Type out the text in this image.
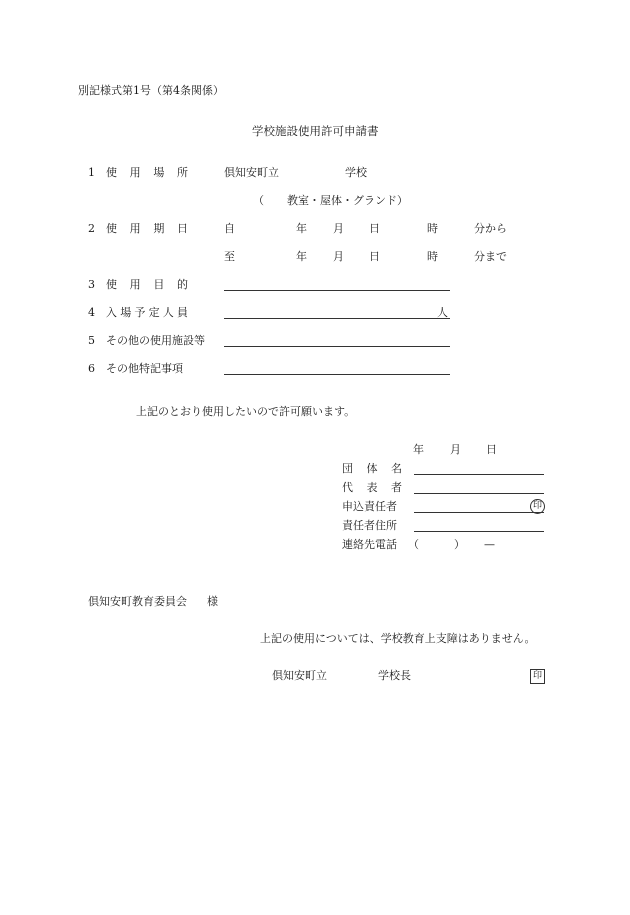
別記様式第1号（第4条関係）
学校施設使用許可申請書
1 使 用 場 所	倶知安町立	学校
（ 教室・屋体・グランド）
2 使 用 期 日	自	年 月 日	時	分から
至	年 月 日	時	分まで
3 使 用 目 的
4 入 場 予 定 人 員	人
5 その他の使用施設等
6 その他特記事項
上記のとおり使用したいので許可願います。
年 月 日
団 体 名
代 表 者
申込責任者	印
責任者住所
連絡先電話 （	） —
倶知安町教育委員会 様
上記の使用については、学校教育上支障はありません。
倶知安町立	学校長	印
